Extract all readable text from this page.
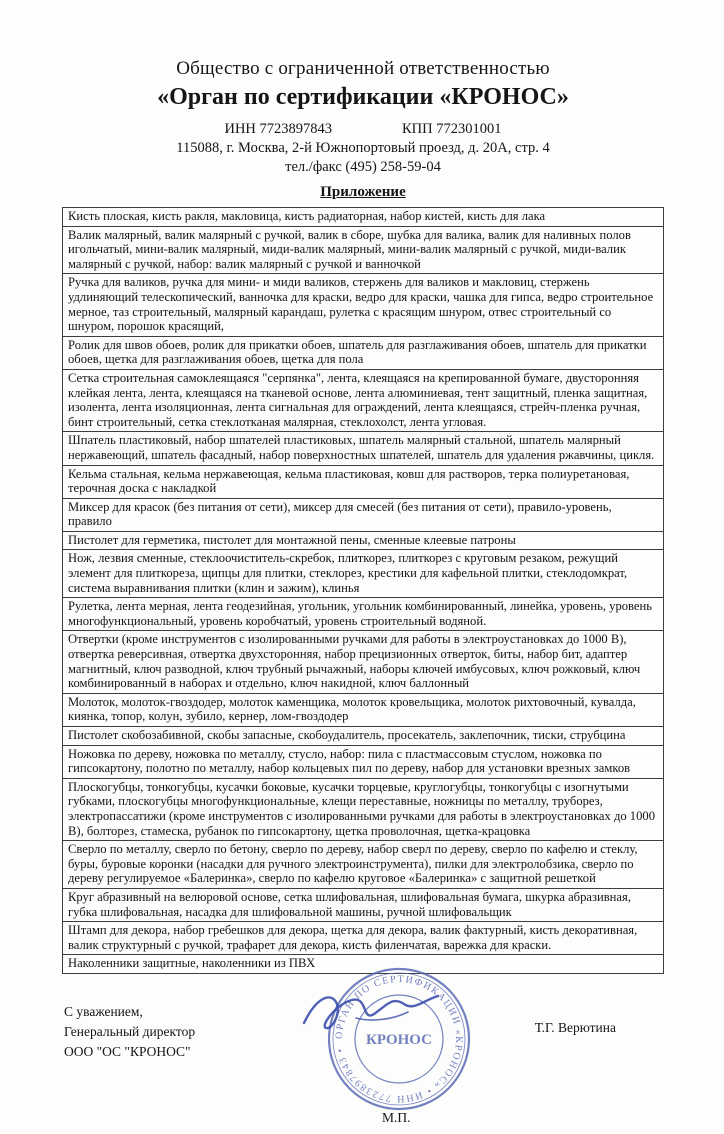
Общество с ограниченной ответственностью
«Орган по сертификации «КРОНОС»
ИНН 7723897843	КПП 772301001
115088, г. Москва, 2-й Южнопортовый проезд, д. 20А, стр. 4
тел./факс (495) 258-59-04
Приложение
Кисть плоская, кисть ракля, макловица, кисть радиаторная, набор кистей, кисть для лака
Валик малярный, валик малярный с ручкой, валик в сборе, шубка для валика, валик для наливных полов игольчатый, мини-валик малярный, миди-валик малярный, мини-валик малярный с ручкой, миди-валик малярный с ручкой, набор: валик малярный с ручкой и ванночкой
Ручка для валиков, ручка для мини- и миди валиков, стержень для валиков и макловиц, стержень удлиняющий телескопический, ванночка для краски, ведро для краски, чашка для гипса, ведро строительное мерное, таз строительный, малярный карандаш, рулетка с красящим шнуром, отвес строительный со шнуром, порошок красящий,
Ролик для швов обоев, ролик для прикатки обоев, шпатель для разглаживания обоев, шпатель для прикатки обоев, щетка для разглаживания обоев, щетка для пола
Сетка строительная самоклеящаяся "серпянка", лента, клеящаяся на крепированной бумаге, двусторонняя клейкая лента, лента, клеящаяся на тканевой основе, лента алюминиевая, тент защитный, пленка защитная, изолента, лента изоляционная, лента сигнальная для ограждений, лента клеящаяся, стрейч-пленка ручная, бинт строительный, сетка стеклотканая малярная, стеклохолст, лента угловая.
Шпатель пластиковый, набор шпателей пластиковых, шпатель малярный стальной, шпатель малярный нержавеющий, шпатель фасадный, набор поверхностных шпателей, шпатель для удаления ржавчины, цикля.
Кельма стальная, кельма нержавеющая, кельма пластиковая, ковш для растворов, терка полиуретановая, терочная доска с накладкой
Миксер для красок (без питания от сети), миксер для смесей (без питания от сети), правило-уровень, правило
Пистолет для герметика, пистолет для монтажной пены, сменные клеевые патроны
Нож, лезвия сменные, стеклоочиститель-скребок, плиткорез, плиткорез с круговым резаком, режущий элемент для плиткореза, щипцы для плитки, стеклорез, крестики для кафельной плитки, стеклодомкрат, система выравнивания плитки (клин и зажим), клинья
Рулетка, лента мерная, лента геодезийная, угольник, угольник комбинированный, линейка, уровень, уровень многофункциональный, уровень коробчатый, уровень строительный водяной.
Отвертки (кроме инструментов с изолированными ручками для работы в электроустановках до 1000 В), отвертка реверсивная, отвертка двухсторонняя, набор прецизионных отверток, биты, набор бит, адаптер магнитный, ключ разводной, ключ трубный рычажный, наборы ключей имбусовых, ключ рожковый, ключ комбинированный в наборах и отдельно, ключ накидной, ключ баллонный
Молоток, молоток-гвоздодер, молоток каменщика, молоток кровельщика, молоток рихтовочный, кувалда, киянка, топор, колун, зубило, кернер, лом-гвоздодер
Пистолет скобозабивной, скобы запасные, скобоудалитель, просекатель, заклепочник, тиски, струбцина
Ножовка по дереву, ножовка по металлу, стусло, набор: пила с пластмассовым стуслом, ножовка по гипсокартону, полотно по металлу, набор кольцевых пил по дереву, набор для установки врезных замков
Плоскогубцы, тонкогубцы, кусачки боковые, кусачки торцевые, круглогубцы, тонкогубцы с изогнутыми губками, плоскогубцы многофункциональные, клещи переставные, ножницы по металлу, труборез, электропассатижи (кроме инструментов с изолированными ручками для работы в электроустановках до 1000 В), болторез, стамеска, рубанок по гипсокартону, щетка проволочная, щетка-крацовка
Сверло по металлу, сверло по бетону, сверло по дереву, набор сверл по дереву, сверло по кафелю и стеклу, буры, буровые коронки (насадки для ручного электроинструмента), пилки для электролобзика, сверло по дереву регулируемое «Балеринка», сверло по кафелю круговое «Балеринка» с защитной решеткой
Круг абразивный на велюровой основе, сетка шлифовальная, шлифовальная бумага, шкурка абразивная, губка шлифовальная, насадка для шлифовальной машины, ручной шлифовальщик
Штамп для декора, набор гребешков для декора, щетка для декора, валик фактурный, кисть декоративная, валик структурный с ручкой, трафарет для декора, кисть филенчатая, варежка для краски.
Наколенники защитные, наколенники из ПВХ
С уважением,
Генеральный директор
ООО "ОС "КРОНОС"
ОРГАН ПО СЕРТИФИКАЦИИ «КРОНОС» • ИНН 7723897843 •
КРОНОС
Т.Г. Верютина
М.П.
